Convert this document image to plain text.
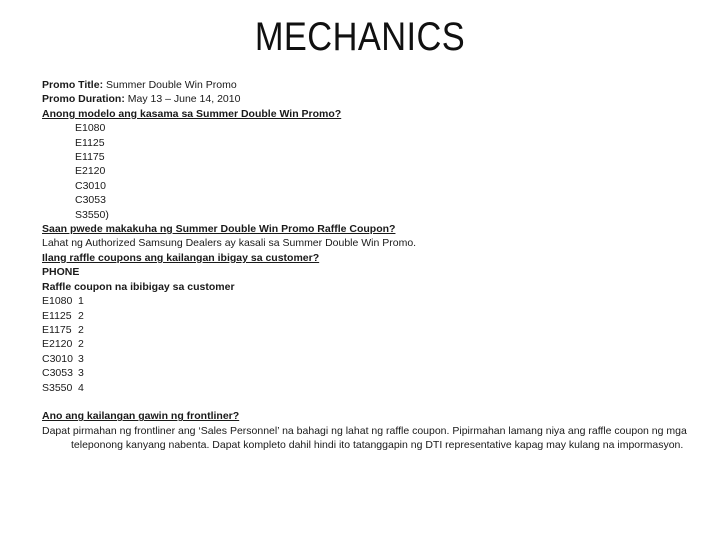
MECHANICS
Promo Title: Summer Double Win Promo
Promo Duration: May 13 – June 14, 2010
Anong modelo ang kasama sa Summer Double Win Promo?
E1080
E1125
E1175
E2120
C3010
C3053
S3550)
Saan pwede makakuha ng Summer Double Win Promo Raffle Coupon?
Lahat ng Authorized Samsung Dealers ay kasali sa Summer Double Win Promo.
Ilang raffle coupons ang kailangan ibigay sa customer?
PHONE
Raffle coupon na ibibigay sa customer
E1080	1
E1125	2
E1175	2
E2120	2
C3010	3
C3053	3
S3550	4
Ano ang kailangan gawin ng frontliner?
Dapat pirmahan ng frontliner ang ‘Sales Personnel’ na bahagi ng lahat ng raffle coupon. Pipirmahan lamang niya ang raffle coupon ng mga teleponong kanyang nabenta. Dapat kompleto dahil hindi ito tatanggapin ng DTI representative kapag may kulang na impormasyon.
